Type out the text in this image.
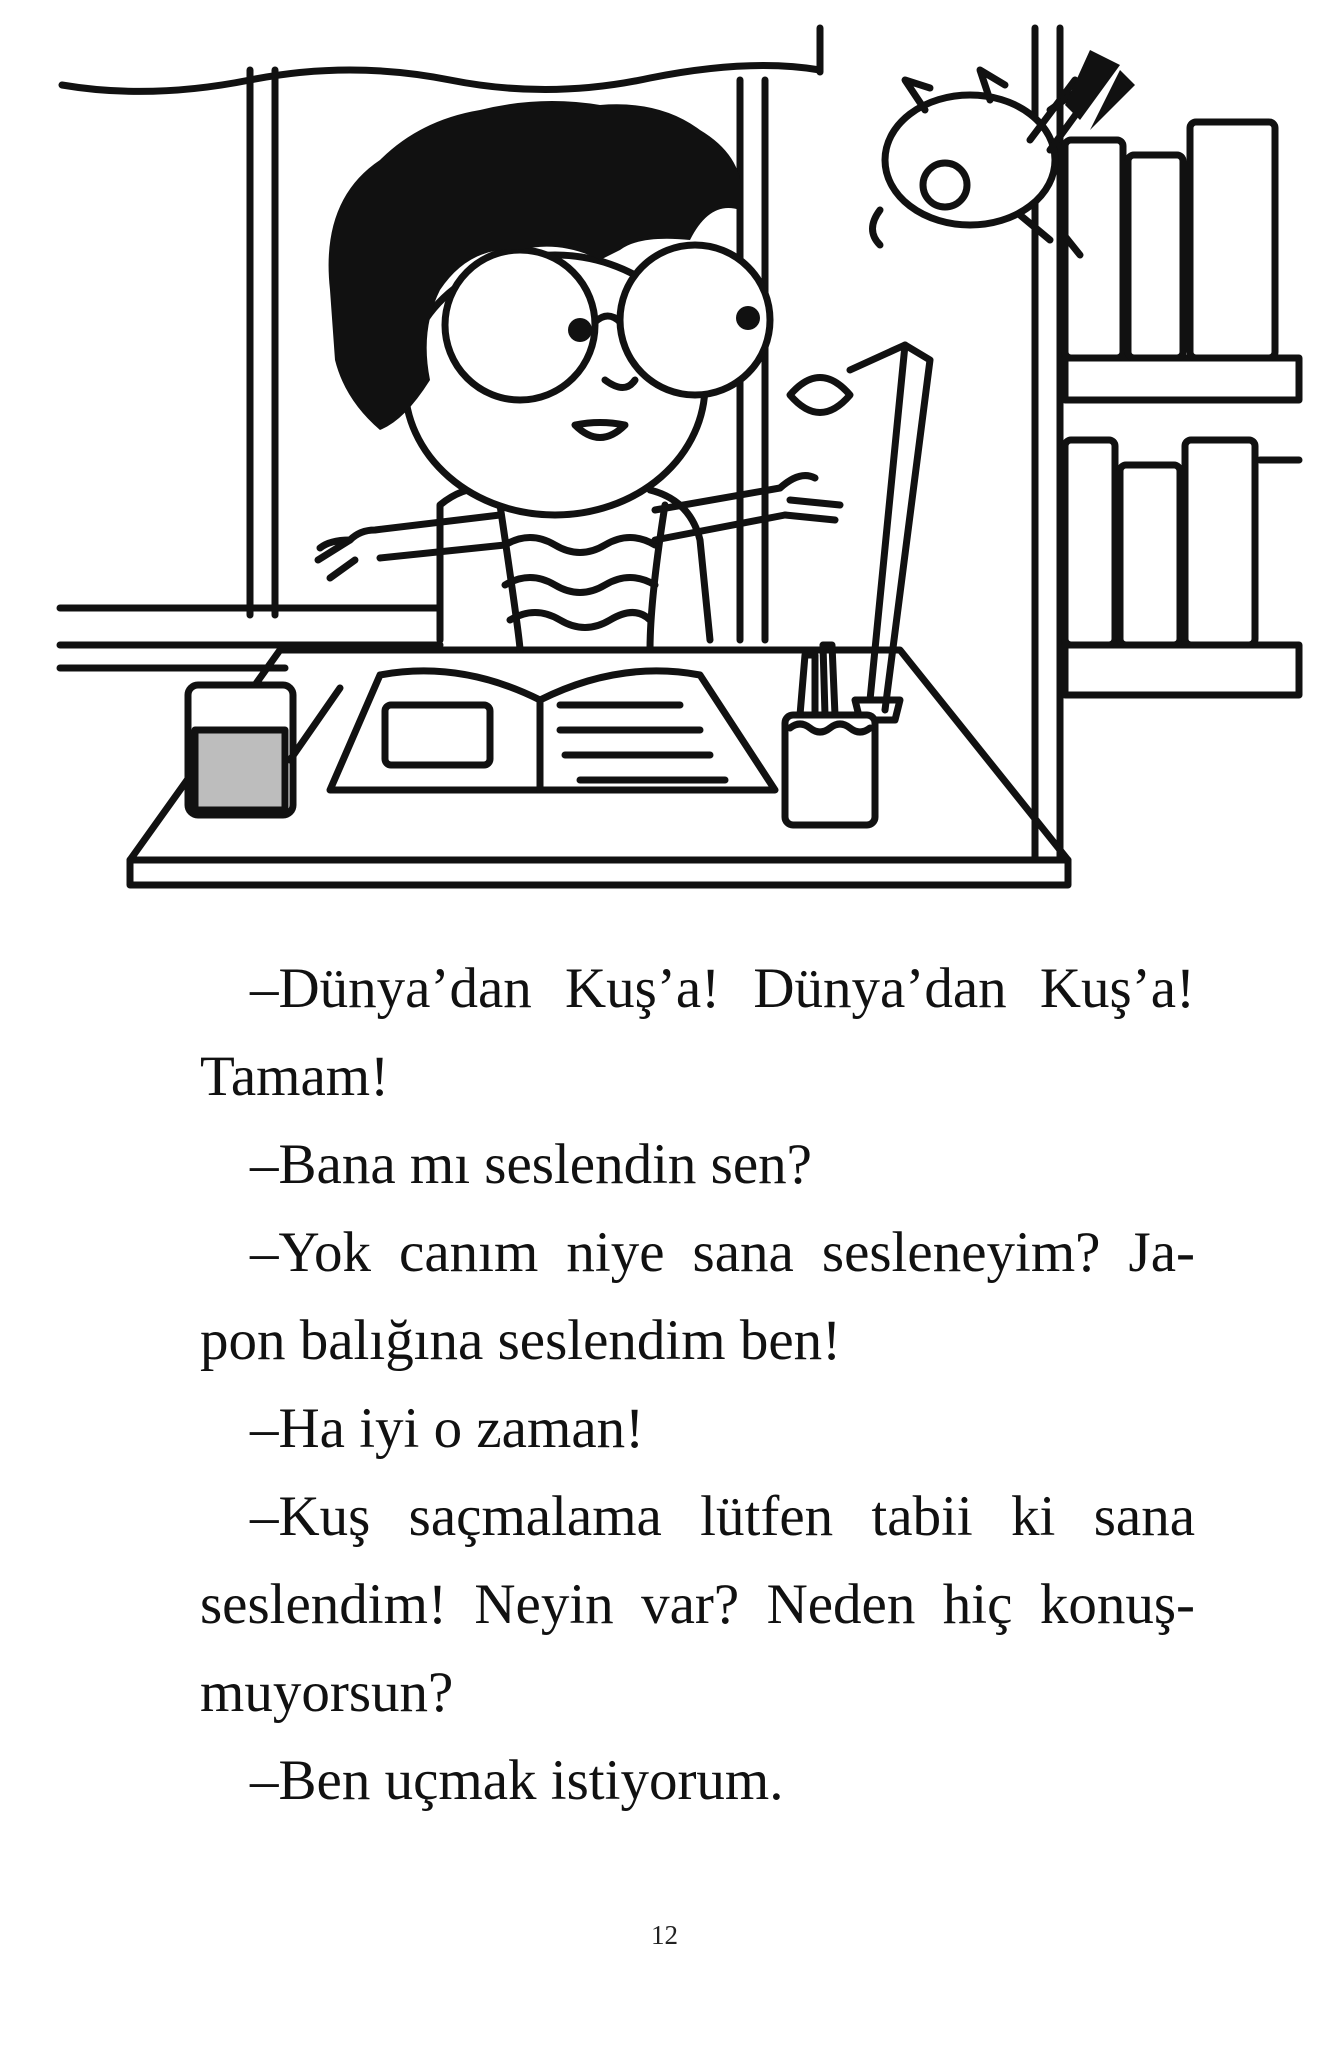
–Dünya’dan Kuş’a! Dünya’dan Kuş’a!

Tamam!

–Bana mı seslendin sen?

–Yok canım niye sana sesleneyim? Ja-

pon balığına seslendim ben!

–Ha iyi o zaman!

–Kuş saçmalama lütfen tabii ki sana

seslendim! Neyin var? Neden hiç konuş-

muyorsun?

–Ben uçmak istiyorum.

12
